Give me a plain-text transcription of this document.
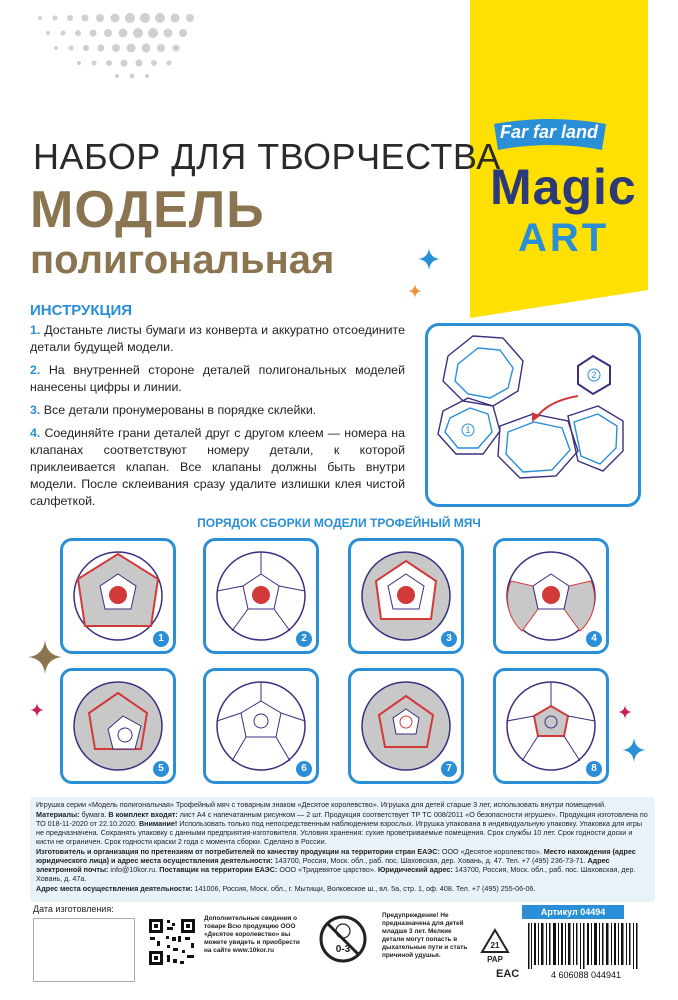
Far far land
Magic
ART
НАБОР ДЛЯ ТВОРЧЕСТВА
МОДЕЛЬ
полигональная
ИНСТРУКЦИЯ

1. Достаньте листы бумаги из конверта и аккуратно отсоедините детали будущей модели.

2. На внутренней стороне деталей полигональных моделей нанесены цифры и линии.

3. Все детали пронумерованы в порядке склейки.

4. Соединяйте грани деталей друг с другом клеем — номера на клапанах соответствуют номеру детали, к которой приклеивается клапан. Все клапаны должны быть внутри модели. После склеивания сразу удалите излишки клея чистой салфеткой.

2
1
ПОРЯДОК СБОРКИ МОДЕЛИ ТРОФЕЙНЫЙ МЯЧ
1	2	3	4
5	6	7	8

Игрушка серии «Модель полигональная» Трофейный мяч с товарным знаком «Десятое королевство». Игрушка для детей старше 3 лет, использовать внутри помещений.

Материалы: бумага. В комплект входят: лист А4 с напечатанным рисунком — 2 шт. Продукция соответствует ТР ТС 008/2011 «О безопасности игрушек». Продукция изготовлена по ТО 018-11-2020 от 22.10.2020. Внимание! Использовать только под непосредственным наблюдением взрослых. Игрушка упакована в индивидуальную упаковку. Упаковка для игры не предназначена. Сохранять упаковку с данными предприятия-изготовителя. Условия хранения: сухие проветриваемые помещения. Срок службы 10 лет. Срок годности доски и кисти не ограничен. Срок годности краски 2 года с момента сборки. Сделано в России.

Изготовитель и организация по претензиям от потребителей по качеству продукции на территории стран ЕАЭС: ООО «Десятое королевство». Место нахождения (адрес юридического лица) и адрес места осуществления деятельности: 143700, Россия, Моск. обл., раб. пос. Шаховская, дер. Ховань, д. 47. Тел. +7 (495) 236-73-71. Адрес электронной почты: info@10kor.ru. Поставщик на территории ЕАЭС: ООО «Тридевятое царство». Юридический адрес: 143700, Россия, Моск. обл., раб. пос. Шаховская, дер. Ховань, д. 47а.

Адрес места осуществления деятельности: 141006, Россия, Моск. обл., г. Мытищи, Волковское ш., вл. 5а, стр. 1, оф. 408. Тел. +7 (495) 255-06-06.

Артикул 04494
Дата изготовления:
Дополнительные сведения о товаре Всю продукцию ООО «Десятое королевство» вы можете увидеть и приобрести на сайте www.10kor.ru	0-3
Предупреждение! Не предназначена для детей младше 3 лет. Мелкие детали могут попасть в дыхательные пути и стать причиной удушья.
21
PAP
EAC	4 606088 044941
